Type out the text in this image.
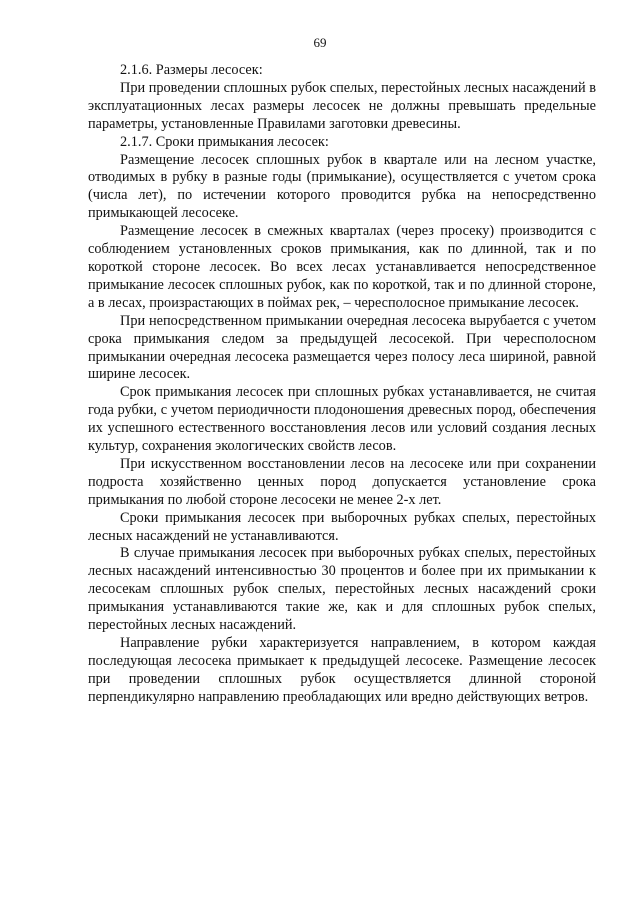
69

2.1.6. Размеры лесосек:

При проведении сплошных рубок спелых, перестойных лесных насаждений в эксплуатационных лесах размеры лесосек не должны превышать предельные параметры, установленные Правилами заготовки древесины.

2.1.7. Сроки примыкания лесосек:

Размещение лесосек сплошных рубок в квартале или на лесном участке, отводимых в рубку в разные годы (примыкание), осуществляется с учетом срока (числа лет), по истечении которого проводится рубка на непосредственно примыкающей лесосеке.

Размещение лесосек в смежных кварталах (через просеку) производится с соблюдением установленных сроков примыкания, как по длинной, так и по короткой стороне лесосек. Во всех лесах устанавливается непосредственное примыкание лесосек сплошных рубок, как по короткой, так и по длинной стороне, а в лесах, произрастающих в поймах рек, – чересполосное примыкание лесосек.

При непосредственном примыкании очередная лесосека вырубается с учетом срока примыкания следом за предыдущей лесосекой. При чересполосном примыкании очередная лесосека размещается через полосу леса шириной, равной ширине лесосек.

Срок примыкания лесосек при сплошных рубках устанавливается, не считая года рубки, с учетом периодичности плодоношения древесных пород, обеспечения их успешного естественного восстановления лесов или условий создания лесных культур, сохранения экологических свойств лесов.

При искусственном восстановлении лесов на лесосеке или при сохранении подроста хозяйственно ценных пород допускается установление срока примыкания по любой стороне лесосеки не менее 2-х лет.

Сроки примыкания лесосек при выборочных рубках спелых, перестойных лесных насаждений не устанавливаются.

В случае примыкания лесосек при выборочных рубках спелых, перестойных лесных насаждений интенсивностью 30 процентов и более при их примыкании к лесосекам сплошных рубок спелых, перестойных лесных насаждений сроки примыкания устанавливаются такие же, как и для сплошных рубок спелых, перестойных лесных насаждений.

Направление рубки характеризуется направлением, в котором каждая последующая лесосека примыкает к предыдущей лесосеке. Размещение лесосек при проведении сплошных рубок осуществляется длинной стороной перпендикулярно направлению преобладающих или вредно действующих ветров.
